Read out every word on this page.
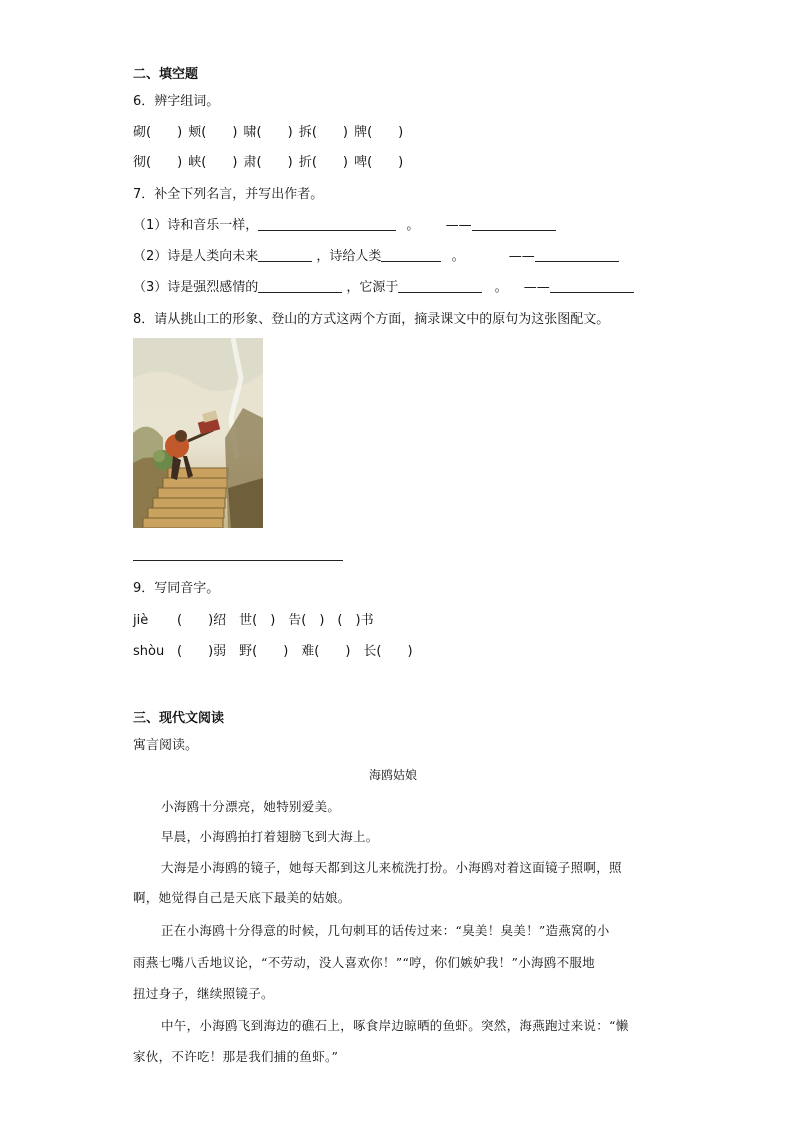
二、填空题
6．辨字组词。
砌(　　) 颊(　　) 啸(　　) 拆(　　) 牌(　　)
彻(　　) 峡(　　) 肃(　　) 折(　　) 啤(　　)
7．补全下列名言，并写出作者。
（1）诗和音乐一样，	。 ——
（2）诗是人类向未来	，诗给人类	。	——
（3）诗是强烈感情的	，它源于	。 ——
8．请从挑山工的形象、登山的方式这两个方面，摘录课文中的原句为这张图配文。
9．写同音字。
jiè (　　)绍　世(　)　告(　)　(　)书
shòu (　　)弱　野(　　)　难(　　)　长(　　)
三、现代文阅读
寓言阅读。
海鸥姑娘
小海鸥十分漂亮，她特别爱美。
早晨，小海鸥拍打着翅膀飞到大海上。
大海是小海鸥的镜子，她每天都到这儿来梳洗打扮。小海鸥对着这面镜子照啊，照
啊，她觉得自己是天底下最美的姑娘。
正在小海鸥十分得意的时候，几句刺耳的话传过来：“臭美！臭美！”造燕窝的小
雨燕七嘴八舌地议论，“不劳动，没人喜欢你！”“哼，你们嫉妒我！”小海鸥不服地
扭过身子，继续照镜子。
中午，小海鸥飞到海边的礁石上，啄食岸边晾晒的鱼虾。突然，海燕跑过来说：“懒
家伙，不许吃！那是我们捕的鱼虾。”
